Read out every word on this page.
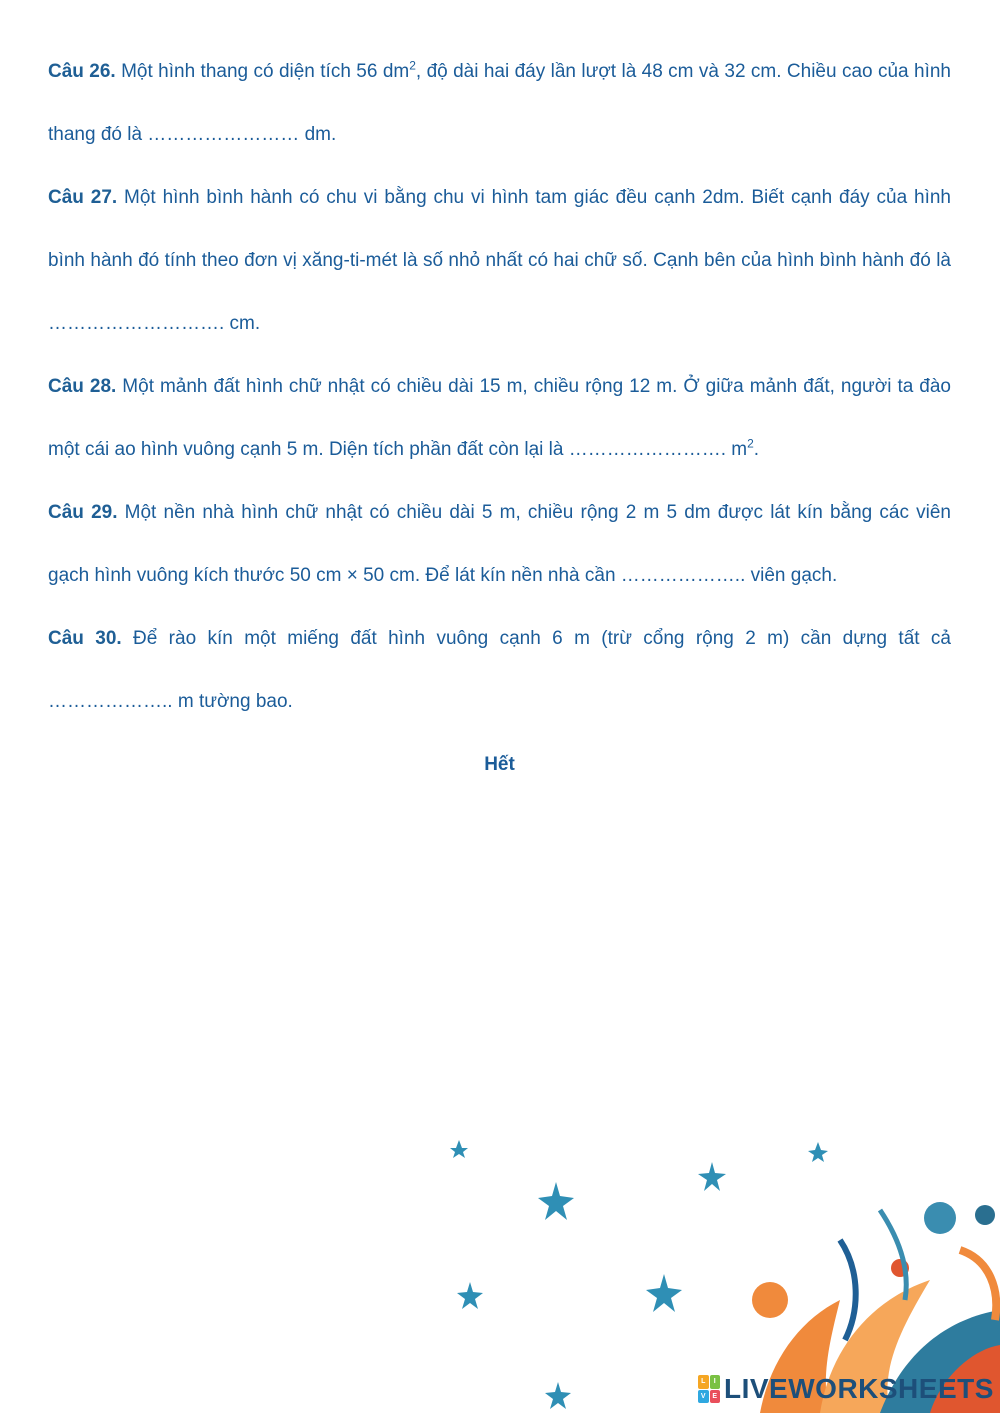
Câu 26. Một hình thang có diện tích 56 $dm^2$, độ dài hai đáy lần lượt là 48 cm và 32 cm. Chiều cao của hình thang đó là …………………… dm.

Câu 27. Một hình bình hành có chu vi bằng chu vi hình tam giác đều cạnh 2dm. Biết cạnh đáy của hình bình hành đó tính theo đơn vị xăng-ti-mét là số nhỏ nhất có hai chữ số. Cạnh bên của hình bình hành đó là ………………………. cm.

Câu 28. Một mảnh đất hình chữ nhật có chiều dài 15 m, chiều rộng 12 m. Ở giữa mảnh đất, người ta đào một cái ao hình vuông cạnh 5 m. Diện tích phần đất còn lại là ……………………. $m^2$.

Câu 29. Một nền nhà hình chữ nhật có chiều dài 5 m, chiều rộng 2 m 5 dm được lát kín bằng các viên gạch hình vuông kích thước 50 cm × 50 cm. Để lát kín nền nhà cần ……………….. viên gạch.

Câu 30. Để rào kín một miếng đất hình vuông cạnh 6 m (trừ cổng rộng 2 m) cần dựng tất cả ……………….. m tường bao.

Hết

L	I
V E LIVEWORKSHEETS
